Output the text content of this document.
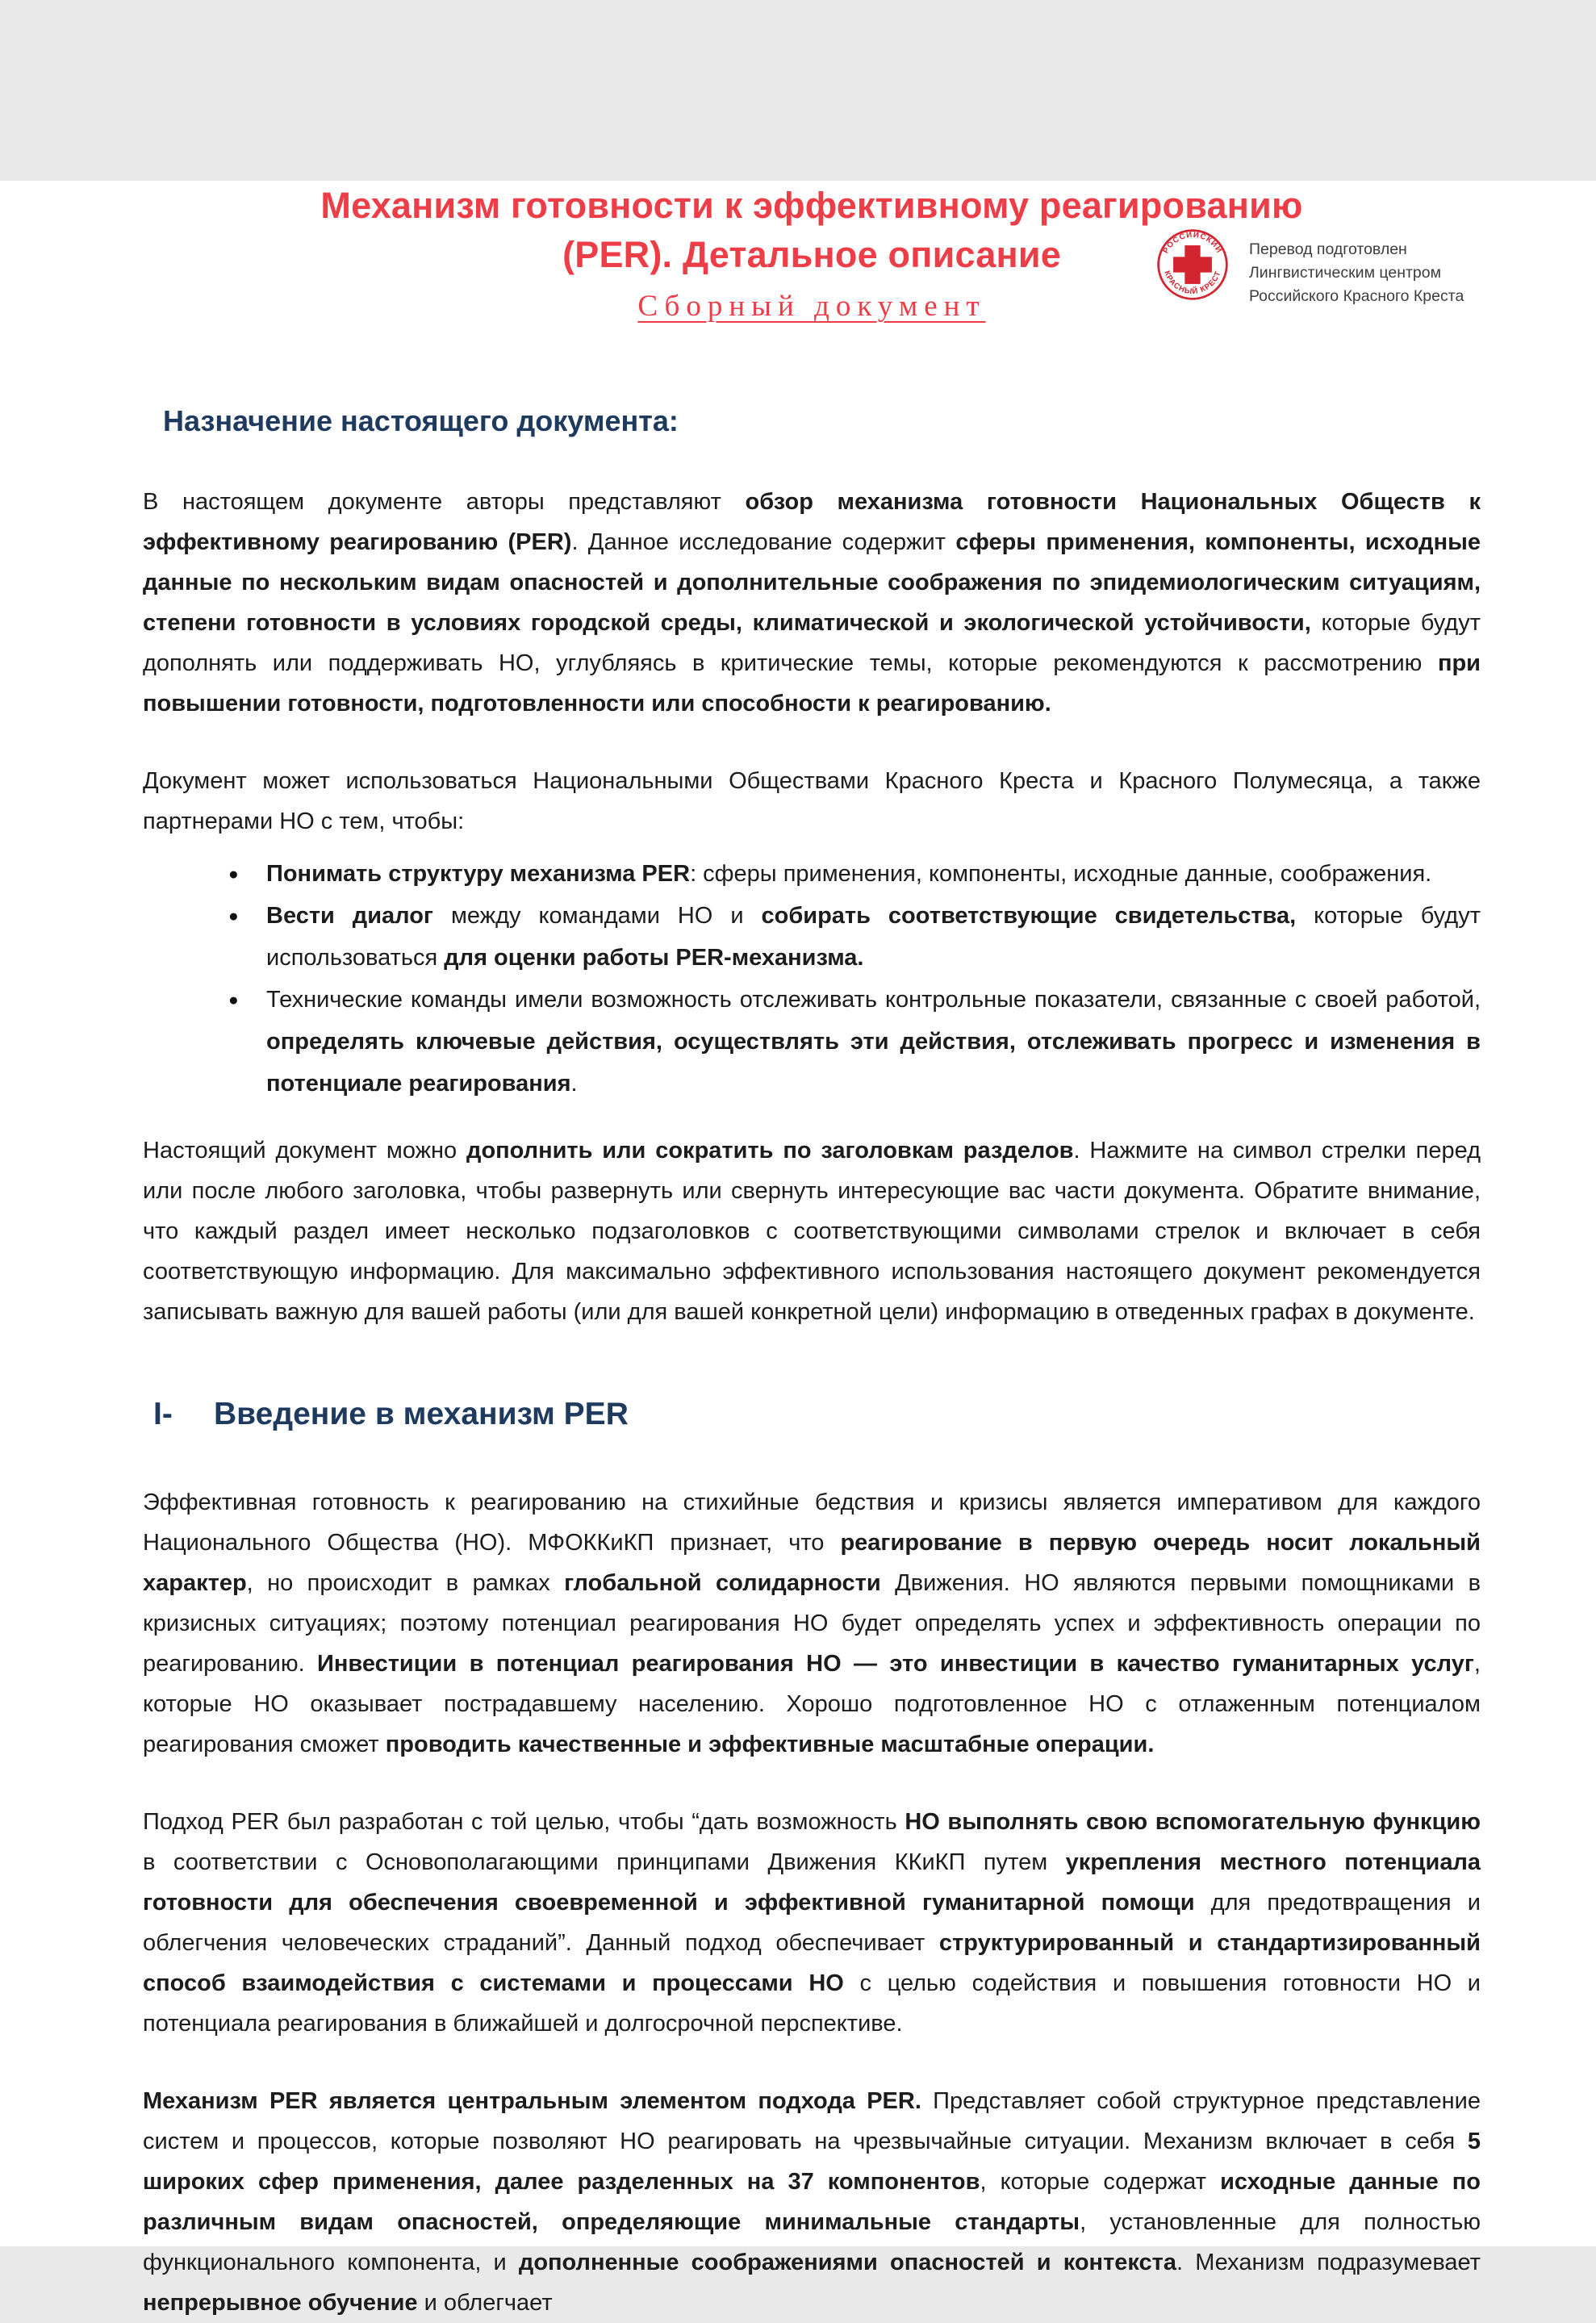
РОССИЙСКИЙ
КРАСНЫЙ КРЕСТ
Перевод подготовлен
Лингвистическим центром
Российского Красного Креста
Механизм готовности к эффективному реагированию
(PER). Детальное описание
Сборный документ
Назначение настоящего документа:

В настоящем документе авторы представляют обзор механизма готовности Национальных Обществ к эффективному реагированию (PER). Данное исследование содержит сферы применения, компоненты, исходные данные по нескольким видам опасностей и дополнительные соображения по эпидемиологическим ситуациям, степени готовности в условиях городской среды, климатической и экологической устойчивости, которые будут дополнять или поддерживать НО, углубляясь в критические темы, которые рекомендуются к рассмотрению при повышении готовности, подготовленности или способности к реагированию.

Документ может использоваться Национальными Обществами Красного Креста и Красного Полумесяца, а также партнерами НО с тем, чтобы:

● Понимать структуру механизма PER: сферы применения, компоненты, исходные данные, соображения.
● Вести диалог между командами НО и собирать соответствующие свидетельства, которые будут использоваться для оценки работы PER-механизма.
● Технические команды имели возможность отслеживать контрольные показатели, связанные с своей работой, определять ключевые действия, осуществлять эти действия, отслеживать прогресс и изменения в потенциале реагирования.

Настоящий документ можно дополнить или сократить по заголовкам разделов. Нажмите на символ стрелки перед или после любого заголовка, чтобы развернуть или свернуть интересующие вас части документа. Обратите внимание, что каждый раздел имеет несколько подзаголовков с соответствующими символами стрелок и включает в себя соответствующую информацию. Для максимально эффективного использования настоящего документ рекомендуется записывать важную для вашей работы (или для вашей конкретной цели) информацию в отведенных графах в документе.

I-	Введение в механизм PER

Эффективная готовность к реагированию на стихийные бедствия и кризисы является императивом для каждого Национального Общества (НО). МФОККиКП признает, что реагирование в первую очередь носит локальный характер, но происходит в рамках глобальной солидарности Движения. НО являются первыми помощниками в кризисных ситуациях; поэтому потенциал реагирования НО будет определять успех и эффективность операции по реагированию. Инвестиции в потенциал реагирования НО — это инвестиции в качество гуманитарных услуг, которые НО оказывает пострадавшему населению. Хорошо подготовленное НО с отлаженным потенциалом реагирования сможет проводить качественные и эффективные масштабные операции.

Подход PER был разработан с той целью, чтобы “дать возможность НО выполнять свою вспомогательную функцию в соответствии с Основополагающими принципами Движения ККиКП путем укрепления местного потенциала готовности для обеспечения своевременной и эффективной гуманитарной помощи для предотвращения и облегчения человеческих страданий”. Данный подход обеспечивает структурированный и стандартизированный способ взаимодействия с системами и процессами НО с целью содействия и повышения готовности НО и потенциала реагирования в ближайшей и долгосрочной перспективе.

Механизм PER является центральным элементом подхода PER. Представляет собой структурное представление систем и процессов, которые позволяют НО реагировать на чрезвычайные ситуации. Механизм включает в себя 5 широких сфер применения, далее разделенных на 37 компонентов, которые содержат исходные данные по различным видам опасностей, определяющие минимальные стандарты, установленные для полностью функционального компонента, и дополненные соображениями опасностей и контекста. Механизм подразумевает непрерывное обучение и облегчает
